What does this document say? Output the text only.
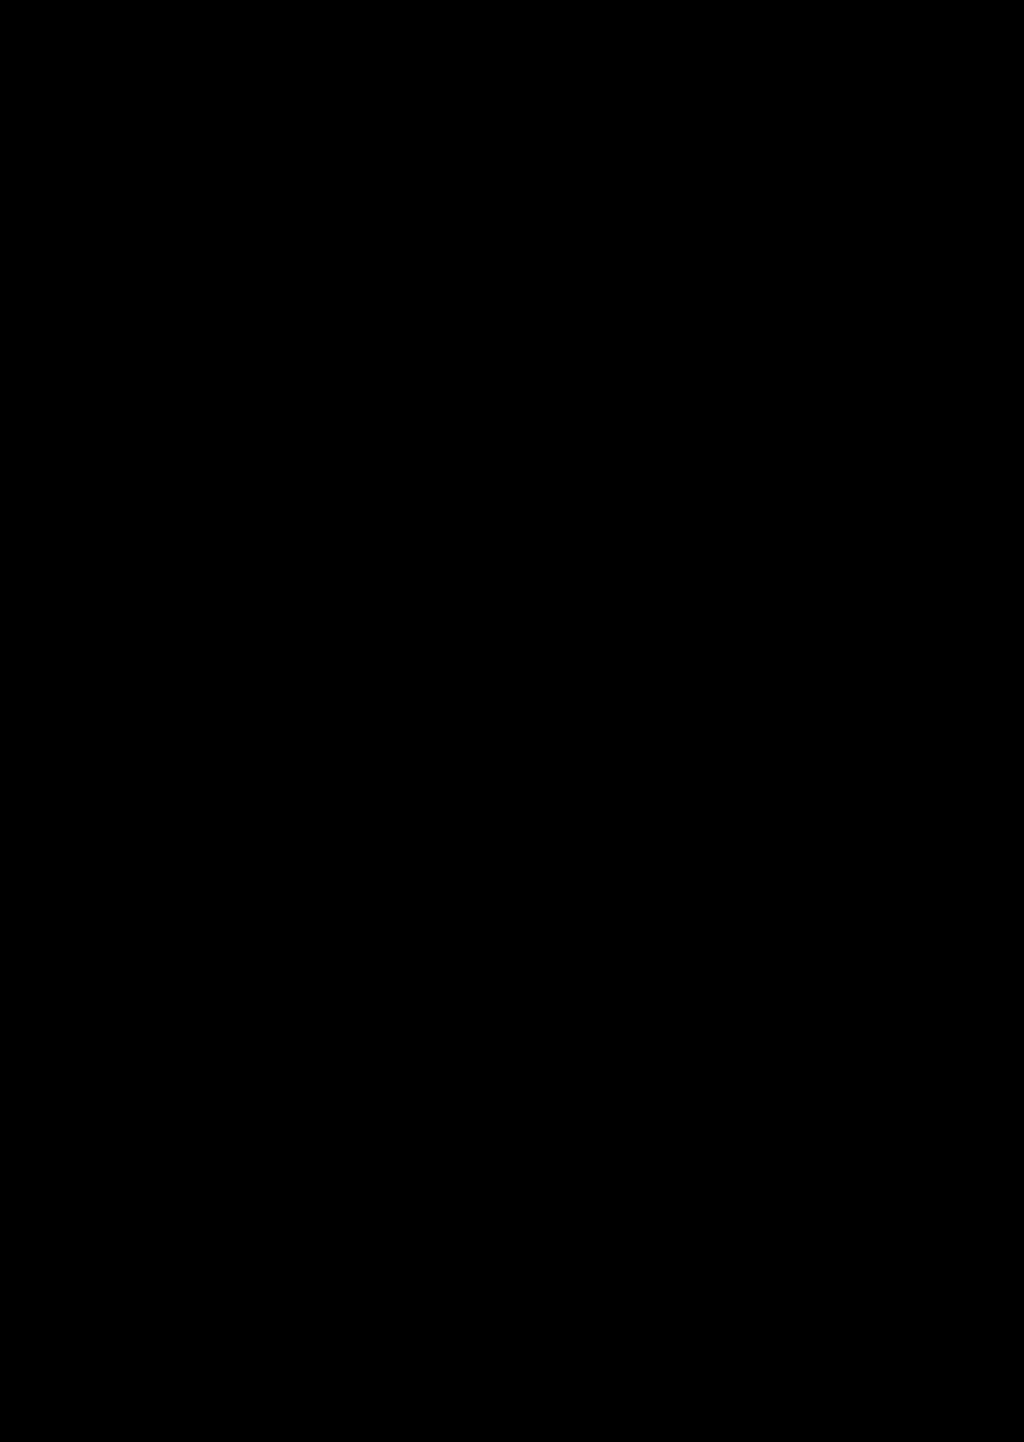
ZAŁĄCZNIK NR 2
KONKURENCJA PRAKTYCZNA – JAZDA ROWEREM
TOR SPRAWNOŚCIOWY
1. Konkurencja polega na przejechaniu toru sprawnościowego w kolejności ustalonej przez organizatora.
2. Tor sprawnościowy powinien składać się z minimum sześciu przeszkód wybranych z załączonych wykazów, przy czym o liczbie i zestawie przeszkód decyduje Komitet Organizacyjny danego etapu Turnieju. Czas przejazdu nie jest limitowany.
. UWAGA: Długość najazdu między przeszkodami wynosi minimum 3 metry.
3. Konkurencja praktyczna – jazda rowerem przeprowadzana jest na rowerach zapewnionych przez organizatora zgodnie z tabelą
GRUPA I
Rowery do wyboru przez zawodnika:
- koła 20 cali - wolnobieg lub składak,
- koła 24 cale - wolnobieg
GRUPA II
Rowery do wyboru przez zawodnika:
- koła 24 cale - wolnobieg,
- koła 26 cali - wolnobieg
4. Uczestnik startujący w konkurencji praktycznej jazda rowerem wykonuje obowiązkowo zadanie we własnym kasku ochronnym.
5. Punktacja:
a) każdy błąd uczestnika na przeszkodzie	1 punkt karny
Za błąd uważa się: potrącenie, najechanie, przesunięcie, przewrócenie po położeniu przewożonego przedmiotu a także każdorazowe podparcie - w tym między przeszkodami (punkty karne zalicza się do przeszkody, przed którą podparcie nastąpiło)
b) zjechanie z przeszkody jednoelementowej	3 punkty karne
c)
każdorazowe zjechanie z wyznaczonego toru przejazdu przez przeszkody wieloelementowe	3 punkty karne za każdy ominięty odcinek pomiędzy pachołkami, tyczkami, krążkami lub listwami
d) przekroczenie linii ograniczającej slalom	3 punkty karne
e) upuszczenie przewożonego przedmiotu w czasie przejazdu lub jego upadek z podstawki lub zaczepu
3 punkty karne
f) ominięcie całej przeszkody	15 punktów karnych
Za ominięcie przeszkody uważa się nie podjęcie próby przejazdu obydwoma kołami po przeszkodzie.
g)
zabrania się pokonywanie przeszkód podskakując na rowerze, przenosząc rower, przesuwając go po nawierzchni, pchając go oraz cofania roweru lub jazdy wstecz
15 punktów karnych
h)
element naruszony przednim kołem a następnie tylnym jest liczony jako błąd pojedynczy
1 punkt karny
i) jedno lub kilkakrotne naruszenie częścią ciała uczestnika tej samej tyczki, pachołka, krążka
1 punkt karny
